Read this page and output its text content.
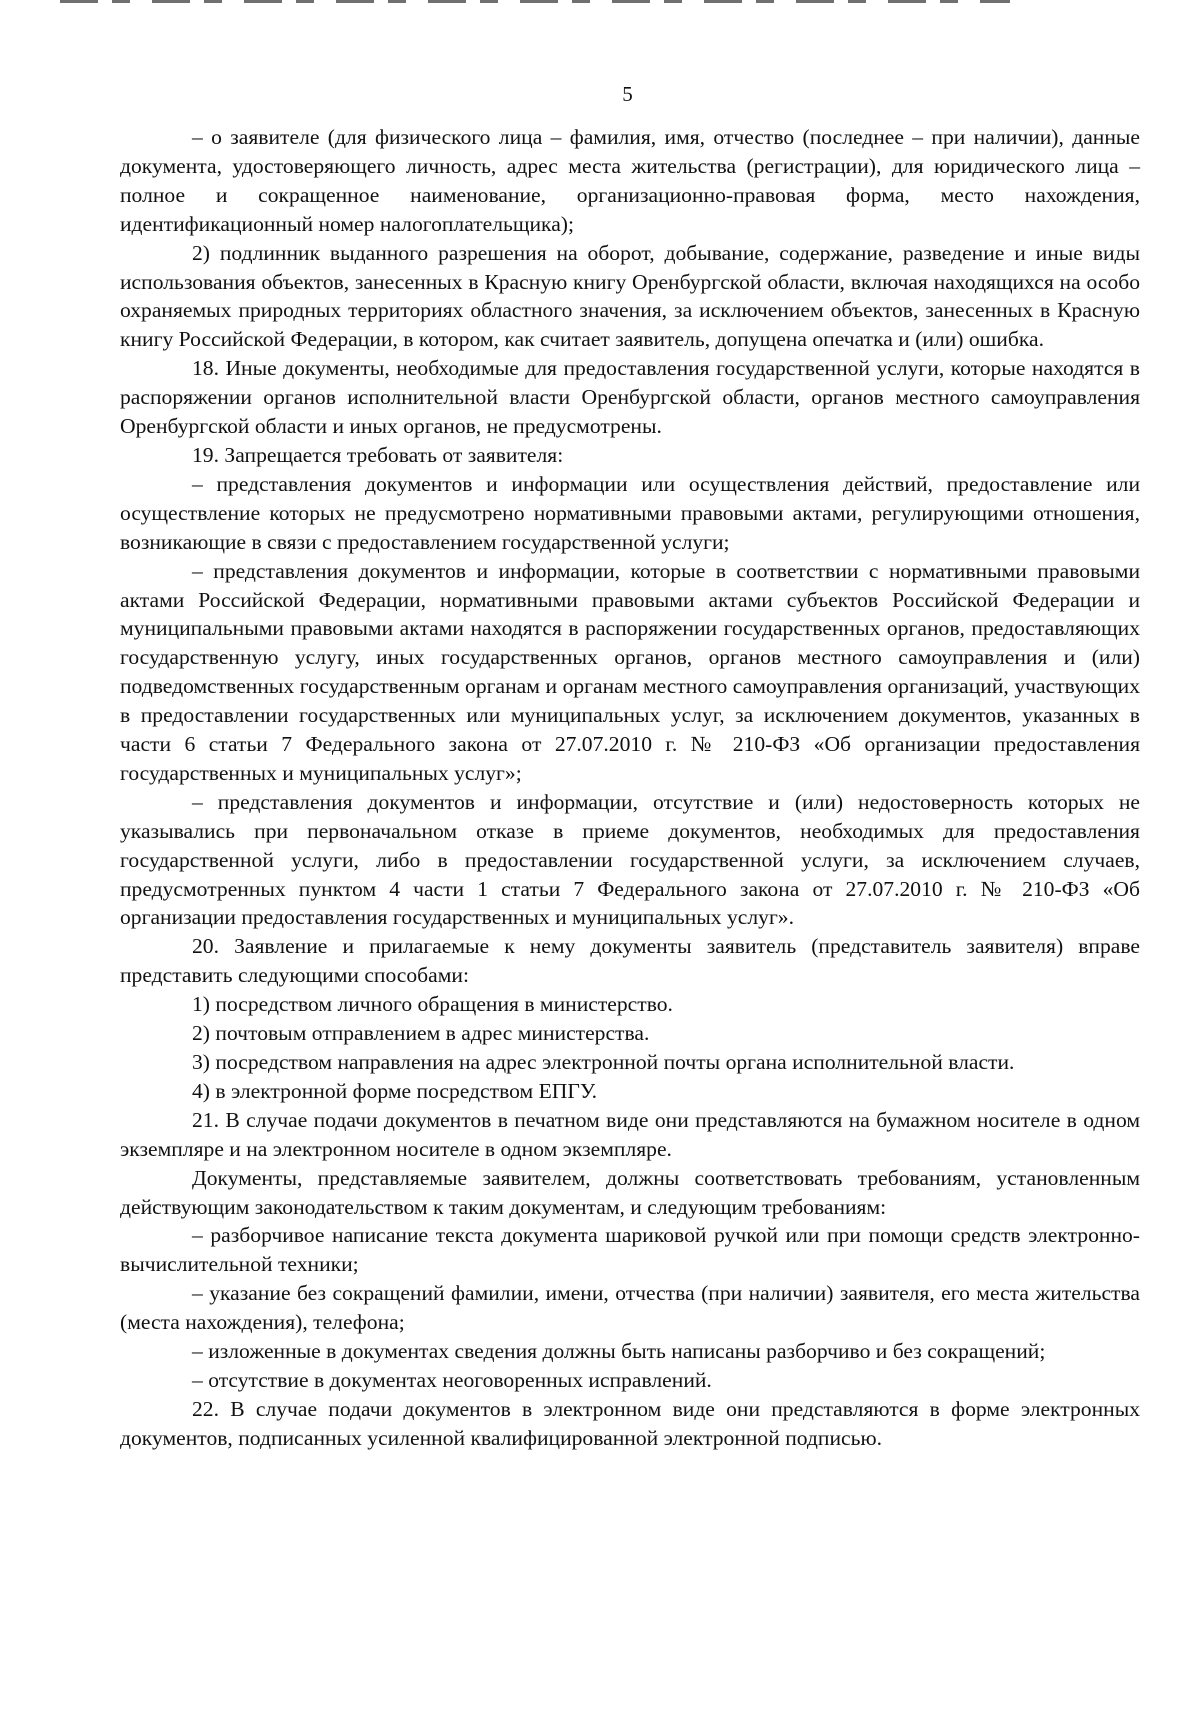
5

– о заявителе (для физического лица – фамилия, имя, отчество (последнее – при наличии), данные документа, удостоверяющего личность, адрес места жительства (регистрации), для юридического лица – полное и сокращенное наименование, организационно-правовая форма, место нахождения, идентификационный номер налогоплательщика);

2) подлинник выданного разрешения на оборот, добывание, содержание, разведение и иные виды использования объектов, занесенных в Красную книгу Оренбургской области, включая находящихся на особо охраняемых природных территориях областного значения, за исключением объектов, занесенных в Красную книгу Российской Федерации, в котором, как считает заявитель, допущена опечатка и (или) ошибка.

18. Иные документы, необходимые для предоставления государственной услуги, которые находятся в распоряжении органов исполнительной власти Оренбургской области, органов местного самоуправления Оренбургской области и иных органов, не предусмотрены.

19. Запрещается требовать от заявителя:

– представления документов и информации или осуществления действий, предоставление или осуществление которых не предусмотрено нормативными правовыми актами, регулирующими отношения, возникающие в связи с предоставлением государственной услуги;

– представления документов и информации, которые в соответствии с нормативными правовыми актами Российской Федерации, нормативными правовыми актами субъектов Российской Федерации и муниципальными правовыми актами находятся в распоряжении государственных органов, предоставляющих государственную услугу, иных государственных органов, органов местного самоуправления и (или) подведомственных государственным органам и органам местного самоуправления организаций, участвующих в предоставлении государственных или муниципальных услуг, за исключением документов, указанных в части 6 статьи 7 Федерального закона от 27.07.2010 г. № 210-ФЗ «Об организации предоставления государственных и муниципальных услуг»;

– представления документов и информации, отсутствие и (или) недостоверность которых не указывались при первоначальном отказе в приеме документов, необходимых для предоставления государственной услуги, либо в предоставлении государственной услуги, за исключением случаев, предусмотренных пунктом 4 части 1 статьи 7 Федерального закона от 27.07.2010 г. № 210-ФЗ «Об организации предоставления государственных и муниципальных услуг».

20. Заявление и прилагаемые к нему документы заявитель (представитель заявителя) вправе представить следующими способами:

1) посредством личного обращения в министерство.

2) почтовым отправлением в адрес министерства.

3) посредством направления на адрес электронной почты органа исполнительной власти.

4) в электронной форме посредством ЕПГУ.

21. В случае подачи документов в печатном виде они представляются на бумажном носителе в одном экземпляре и на электронном носителе в одном экземпляре.

Документы, представляемые заявителем, должны соответствовать требованиям, установленным действующим законодательством к таким документам, и следующим требованиям:

– разборчивое написание текста документа шариковой ручкой или при помощи средств электронно-вычислительной техники;

– указание без сокращений фамилии, имени, отчества (при наличии) заявителя, его места жительства (места нахождения), телефона;

– изложенные в документах сведения должны быть написаны разборчиво и без сокращений;

– отсутствие в документах неоговоренных исправлений.

22. В случае подачи документов в электронном виде они представляются в форме электронных документов, подписанных усиленной квалифицированной электронной подписью.
